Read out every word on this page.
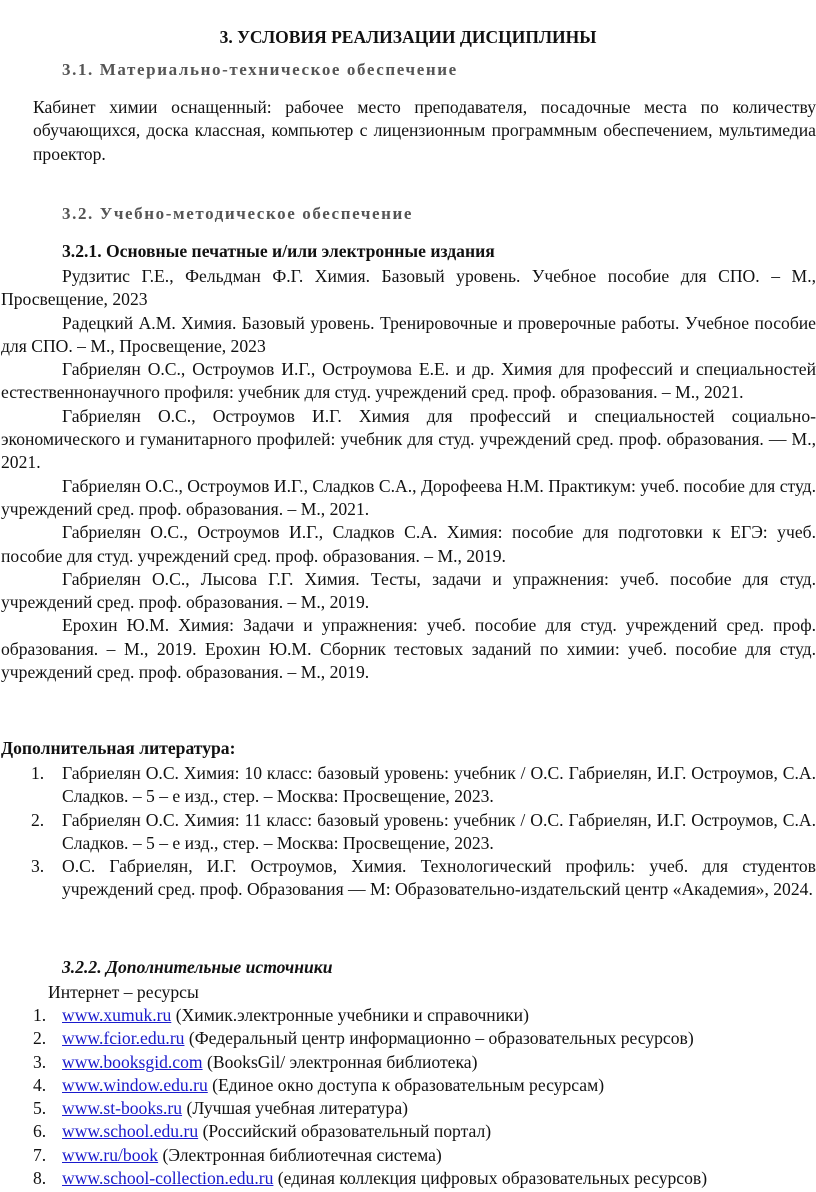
3. УСЛОВИЯ РЕАЛИЗАЦИИ ДИСЦИПЛИНЫ
3.1. Материально-техническое обеспечение
Кабинет химии оснащенный: рабочее место преподавателя, посадочные места по количеству обучающихся, доска классная, компьютер с лицензионным программным обеспечением, мультимедиа проектор.
3.2. Учебно-методическое обеспечение
3.2.1. Основные печатные и/или электронные издания

Рудзитис Г.Е., Фельдман Ф.Г. Химия. Базовый уровень. Учебное пособие для СПО. – М., Просвещение, 2023

Радецкий А.М. Химия. Базовый уровень. Тренировочные и проверочные работы. Учебное пособие для СПО. – М., Просвещение, 2023

Габриелян О.С., Остроумов И.Г., Остроумова Е.Е. и др. Химия для профессий и специальностей естественнонаучного профиля: учебник для студ. учреждений сред. проф. образования. – М., 2021.

Габриелян О.С., Остроумов И.Г. Химия для профессий и специальностей социально-экономического и гуманитарного профилей: учебник для студ. учреждений сред. проф. образования. — М., 2021.

Габриелян О.С., Остроумов И.Г., Сладков С.А., Дорофеева Н.М. Практикум: учеб. пособие для студ. учреждений сред. проф. образования. – М., 2021.

Габриелян О.С., Остроумов И.Г., Сладков С.А. Химия: пособие для подготовки к ЕГЭ: учеб. пособие для студ. учреждений сред. проф. образования. – М., 2019.

Габриелян О.С., Лысова Г.Г. Химия. Тесты, задачи и упражнения: учеб. пособие для студ. учреждений сред. проф. образования. – М., 2019.

Ерохин Ю.М. Химия: Задачи и упражнения: учеб. пособие для студ. учреждений сред. проф. образования. – М., 2019. Ерохин Ю.М. Сборник тестовых заданий по химии: учеб. пособие для студ. учреждений сред. проф. образования. – М., 2019.

Дополнительная литература:
1. Габриелян О.С. Химия: 10 класс: базовый уровень: учебник / О.С. Габриелян, И.Г. Остроумов, С.А. Сладков. – 5 – е изд., стер. – Москва: Просвещение, 2023.
2. Габриелян О.С. Химия: 11 класс: базовый уровень: учебник / О.С. Габриелян, И.Г. Остроумов, С.А. Сладков. – 5 – е изд., стер. – Москва: Просвещение, 2023.
3. О.С. Габриелян, И.Г. Остроумов, Химия. Технологический профиль: учеб. для студентов учреждений сред. проф. Образования — М: Образовательно-издательский центр «Академия», 2024.
3.2.2. Дополнительные источники
Интернет – ресурсы
1. www.xumuk.ru (Химик.электронные учебники и справочники)
2. www.fcior.edu.ru (Федеральный центр информационно – образовательных ресурсов)
3. www.booksgid.com (BooksGil/ электронная библиотека)
4. www.window.edu.ru (Единое окно доступа к образовательным ресурсам)
5. www.st-books.ru (Лучшая учебная литература)
6. www.school.edu.ru (Российский образовательный портал)
7. www.ru/book (Электронная библиотечная система)
8. www.school-collection.edu.ru (единая коллекция цифровых образовательных ресурсов)
